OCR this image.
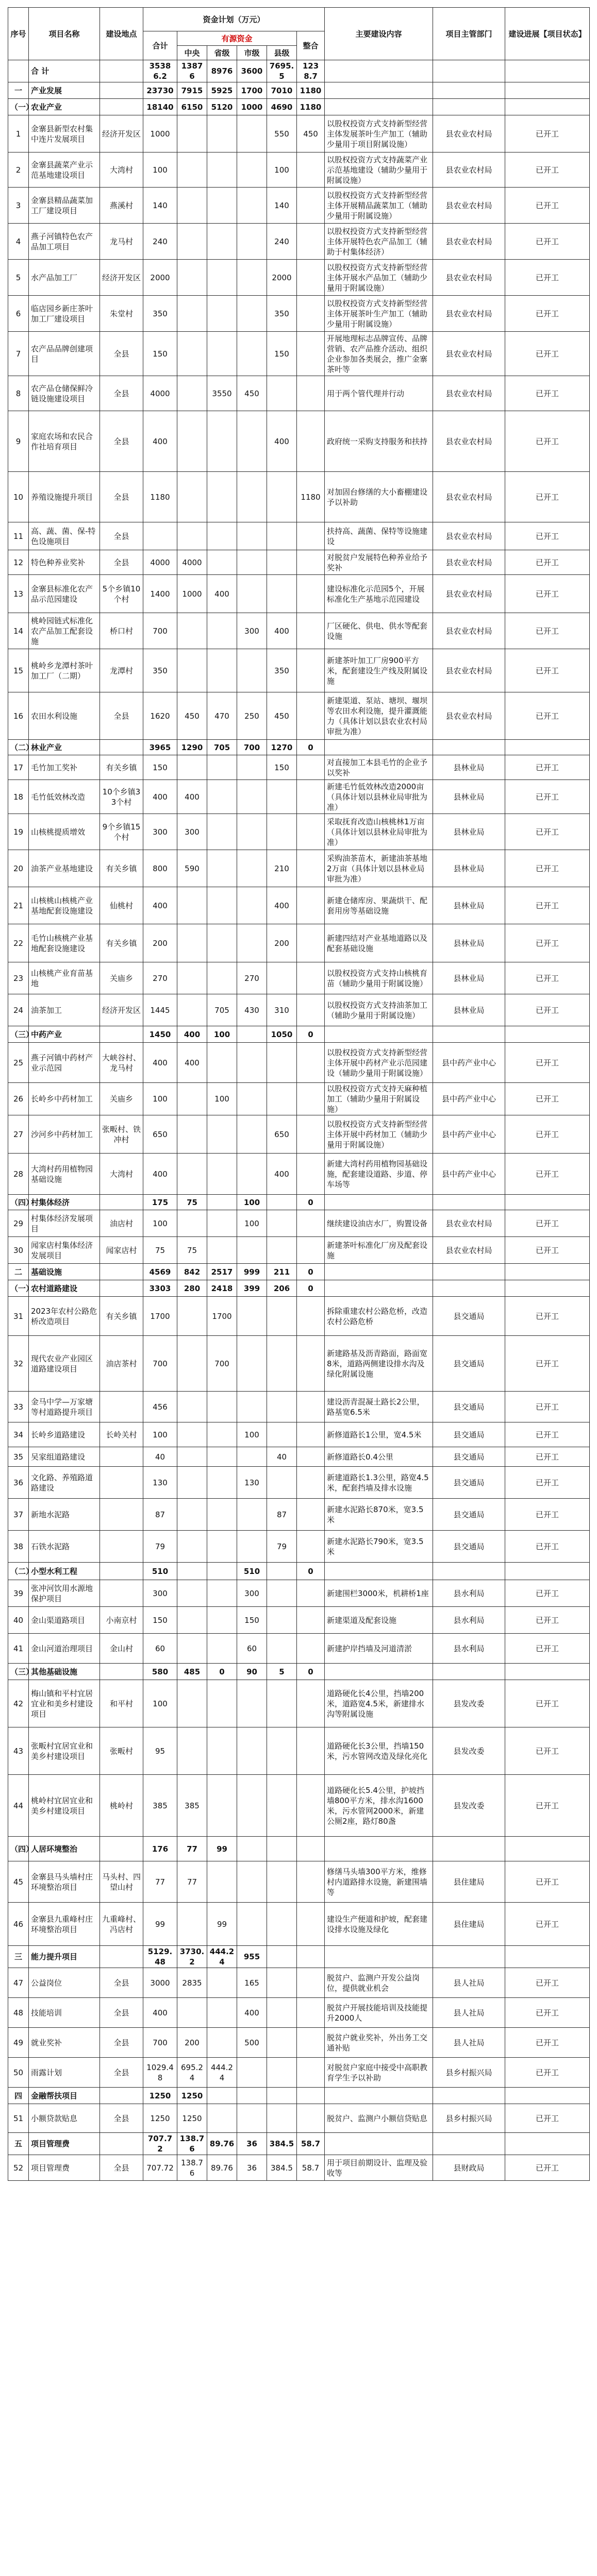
序号	项目名称	建设地点	资金计划（万元）						主要建设内容	项目主管部门	建设进展【项目状态】
			合计	有源资金				整合			
				中央	省级	市级	县级				
	合 计		35386.2	13876	8976	3600	7695.5	1238.7			
一	产业发展		23730	7915	5925	1700	7010	1180			
（一）	农业产业		18140	6150	5120	1000	4690	1180			
1	金寨县新型农村集中连片发展项目	经济开发区	1000				550	450	以股权投资方式支持新型经营主体发展茶叶生产加工（辅助少量用于项目附属设施）	县农业农村局	已开工
2	金寨县蔬菜产业示范基地建设项目	大湾村	100				100		以股权投资方式支持蔬菜产业示范基地建设（辅助少量用于附属设施）	县农业农村局	已开工
3	金寨县精品蔬菜加工厂建设项目	燕溪村	140				140		以股权投资方式支持新型经营主体开展精品蔬菜加工（辅助少量用于附属设施）	县农业农村局	已开工
4	燕子河镇特色农产品加工项目	龙马村	240				240		以股权投资方式支持新型经营主体开展特色农产品加工（辅助于村集体经济）	县农业农村局	已开工
5	水产品加工厂	经济开发区	2000				2000		以股权投资方式支持新型经营主体开展水产品加工（辅助少量用于附属设施）	县农业农村局	已开工
6	临店园乡新庄茶叶加工厂建设项目	朱堂村	350				350		以股权投资方式支持新型经营主体开展茶叶生产加工（辅助少量用于附属设施）	县农业农村局	已开工
7	农产品品牌创建项目	全县	150				150		开展地理标志品牌宣传、品牌营销、农产品推介活动、组织企业参加各类展会，推广金寨茶叶等	县农业农村局	已开工
8	农产品仓储保鲜冷链设施建设项目	全县	4000		3550	450			用于两个管代理并行动	县农业农村局	已开工
9	家庭农场和农民合作社培育项目	全县	400				400		政府统一采购支持服务和扶持	县农业农村局	已开工
10	养殖设施提升项目	全县	1180					1180	对加固台修缮的大小畜棚建设予以补助	县农业农村局	已开工
11	高、蔬、菌、保-特色设施项目	全县							扶持高、蔬菌、保特等设施建设	县农业农村局	已开工
12	特色种养业奖补	全县	4000	4000					对脱贫户发展特色种养业给予奖补	县农业农村局	已开工
13	金寨县标准化农产品示范园建设	5个乡镇10个村	1400	1000	400				建设标准化示范园5个，开展标准化生产基地示范园建设	县农业农村局	已开工
14	桃岭园链式标准化农产品加工配套设施	桥口村	700			300	400		厂区硬化、供电、供水等配套设施	县农业农村局	已开工
15	桃岭乡龙潭村茶叶加工厂（二期）	龙潭村	350				350		新建茶叶加工厂房900平方米，配套建设生产线及附属设施	县农业农村局	已开工
16	农田水利设施	全县	1620	450	470	250	450		新建渠道、泵站、塘坝、堰坝等农田水利设施，提升灌溉能力（具体计划以县农业农村局审批为准）	县农业农村局	已开工
（二）	林业产业		3965	1290	705	700	1270	0			
17	毛竹加工奖补	有关乡镇	150				150		对直接加工本县毛竹的企业予以奖补	县林业局	已开工
18	毛竹低效林改造	10个乡镇33个村	400	400					新建毛竹低效林改造2000亩（具体计划以县林业局审批为准）	县林业局	已开工
19	山核桃提质增效	9个乡镇15个村	300	300					采取抚育改造山核桃林1万亩（具体计划以县林业局审批为准）	县林业局	已开工
20	油茶产业基地建设	有关乡镇	800	590			210		采购油茶苗木，新建油茶基地2万亩（具体计划以县林业局审批为准）	县林业局	已开工
21	山核桃山核桃产业基地配套设施建设	仙桃村	400				400		新建仓储库房、果蔬烘干、配套用房等基础设施	县林业局	已开工
22	毛竹山核桃产业基地配套设施建设	有关乡镇	200				200		新建四结对产业基地道路以及配套基础设施	县林业局	已开工
23	山核桃产业育苗基地	关庙乡	270			270			以股权投资方式支持山核桃育苗（辅助少量用于附属设施）	县林业局	已开工
24	油茶加工	经济开发区	1445		705	430	310		以股权投资方式支持油茶加工（辅助少量用于附属设施）	县林业局	已开工
（三）	中药产业		1450	400	100		1050	0			
25	燕子河镇中药材产业示范园	大峡谷村、龙马村	400	400					以股权投资方式支持新型经营主体开展中药材产业示范园建设（辅助少量用于附属设施）	县中药产业中心	已开工
26	长岭乡中药材加工	关庙乡	100		100				以股权投资方式支持天麻种植加工（辅助少量用于附属设施）	县中药产业中心	已开工
27	沙河乡中药材加工	张畈村、铁冲村	650				650		以股权投资方式支持新型经营主体开展中药材加工（辅助少量用于附属设施）	县中药产业中心	已开工
28	大湾村药用植物园基础设施	大湾村	400				400		新建大湾村药用植物园基础设施，配套建设道路、步道、停车场等	县中药产业中心	已开工
（四）	村集体经济		175	75		100		0			
29	村集体经济发展项目	油店村	100			100			继续建设油店水厂，购置设备	县农业农村局	已开工
30	闻家店村集体经济发展项目	闻家店村	75	75					新建茶叶标准化厂房及配套设施	县农业农村局	已开工
二	基础设施		4569	842	2517	999	211	0			
（一）	农村道路建设		3303	280	2418	399	206	0			
31	2023年农村公路危桥改造项目	有关乡镇	1700		1700				拆除重建农村公路危桥，改造农村公路危桥	县交通局	已开工
32	现代农业产业园区道路建设项目	油店茶村	700		700				新建路基及沥青路面，路面宽8米，道路两侧建设排水沟及绿化附属设施	县交通局	已开工
33	金马中学—万家塘等村道路提升项目		456						建设沥青混凝土路长2公里，路基宽6.5米	县交通局	已开工
34	长岭乡道路建设	长岭关村	100			100			新修道路长1公里，宽4.5米	县交通局	已开工
35	吴家组道路建设		40				40		新修道路长0.4公里	县交通局	已开工
36	文化路、养殖路道路建设		130			130			新建道路长1.3公里，路宽4.5米，配套挡墙及排水设施	县交通局	已开工
37	新地水泥路		87				87		新建水泥路长870米，宽3.5米	县交通局	已开工
38	石铁水泥路		79				79		新建水泥路长790米，宽3.5米	县交通局	已开工
（二）	小型水利工程		510			510		0			
39	张冲河饮用水源地保护项目		300			300			新建围栏3000米，机耕桥1座	县水利局	已开工
40	金山渠道路项目	小南京村	150			150			新建渠道及配套设施	县水利局	已开工
41	金山河道治理项目	金山村	60			60			新建护岸挡墙及河道清淤	县水利局	已开工
（三）	其他基础设施		580	485	0	90	5	0			
42	梅山镇和平村宜居宜业和美乡村建设项目	和平村	100						道路硬化长4公里，挡墙200米，道路宽4.5米，新建排水沟等附属设施	县发改委	已开工
43	张畈村宜居宜业和美乡村建设项目	张畈村	95						道路硬化长3公里，挡墙150米，污水管网改造及绿化亮化	县发改委	已开工
44	桃岭村宜居宜业和美乡村建设项目	桃岭村	385	385					道路硬化长5.4公里，护坡挡墙800平方米，排水沟1600米，污水管网2000米，新建公厕2座，路灯80盏	县发改委	已开工
（四）	人居环境整治		176	77	99						
45	金寨县马头墙村庄环境整治项目	马头村、四望山村	77	77					修缮马头墙300平方米，维修村内道路排水设施，新建围墙等	县住建局	已开工
46	金寨县九重峰村庄环境整治项目	九重峰村、冯店村	99		99				建设生产便道和护坡，配套建设排水设施及绿化	县住建局	已开工
三	能力提升项目		5129.48	3730.2	444.24	955					
47	公益岗位	全县	3000	2835		165			脱贫户、监测户开发公益岗位，提供就业机会	县人社局	已开工
48	技能培训	全县	400			400			脱贫户开展技能培训及技能提升2000人	县人社局	已开工
49	就业奖补	全县	700	200		500			脱贫户就业奖补，外出务工交通补贴	县人社局	已开工
50	雨露计划	全县	1029.48	695.24	444.24				对脱贫户家庭中接受中高职教育学生予以补助	县乡村振兴局	已开工
四	金融帮扶项目		1250	1250							
51	小额贷款贴息	全县	1250	1250					脱贫户、监测户小额信贷贴息	县乡村振兴局	已开工
五	项目管理费		707.72	138.76	89.76	36	384.5	58.7			
52	项目管理费	全县	707.72	138.76	89.76	36	384.5	58.7	用于项目前期设计、监理及验收等	县财政局	已开工
